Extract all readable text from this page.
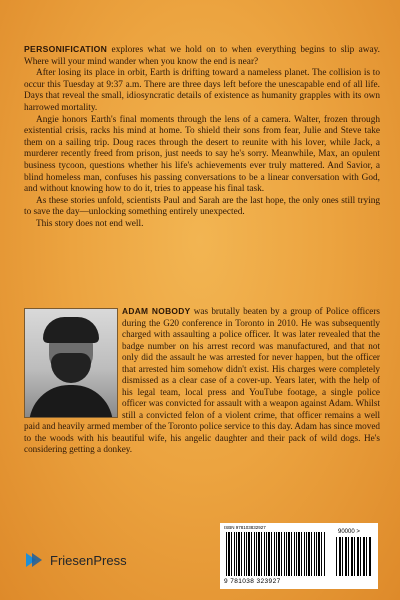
PERSONIFICATION explores what we hold on to when everything begins to slip away. Where will your mind wander when you know the end is near?

After losing its place in orbit, Earth is drifting toward a nameless planet. The collision is to occur this Tuesday at 9:37 a.m. There are three days left before the unescapable end of all life. Days that reveal the small, idiosyncratic details of existence as humanity grapples with its own harrowed mortality.

Angie honors Earth's final moments through the lens of a camera. Walter, frozen through existential crisis, racks his mind at home. To shield their sons from fear, Julie and Steve take them on a sailing trip. Doug races through the desert to reunite with his lover, while Jack, a murderer recently freed from prison, just needs to say he's sorry. Meanwhile, Max, an opulent business tycoon, questions whether his life's achievements ever truly mattered. And Savior, a blind homeless man, confuses his passing conversations to be a linear conversation with God, and without knowing how to do it, tries to appease his final task.

As these stories unfold, scientists Paul and Sarah are the last hope, the only ones still trying to save the day—unlocking something entirely unexpected.

This story does not end well.

ADAM NOBODY was brutally beaten by a group of Police officers during the G20 conference in Toronto in 2010. He was subsequently charged with assaulting a police officer. It was later revealed that the badge number on his arrest record was manufactured, and that not only did the assault he was arrested for never happen, but the officer that arrested him somehow didn't exist. His charges were completely dismissed as a clear case of a cover-up. Years later, with the help of his legal team, local press and YouTube footage, a single police officer was convicted for assault with a weapon against Adam. Whilst still a convicted felon of a violent crime, that officer remains a well paid and heavily armed member of the Toronto police service to this day. Adam has since moved to the woods with his beautiful wife, his angelic daughter and their pack of wild dogs. He's considering getting a donkey.
ISBN 978103832927
90000 >
9 781038 323927
FriesenPress
